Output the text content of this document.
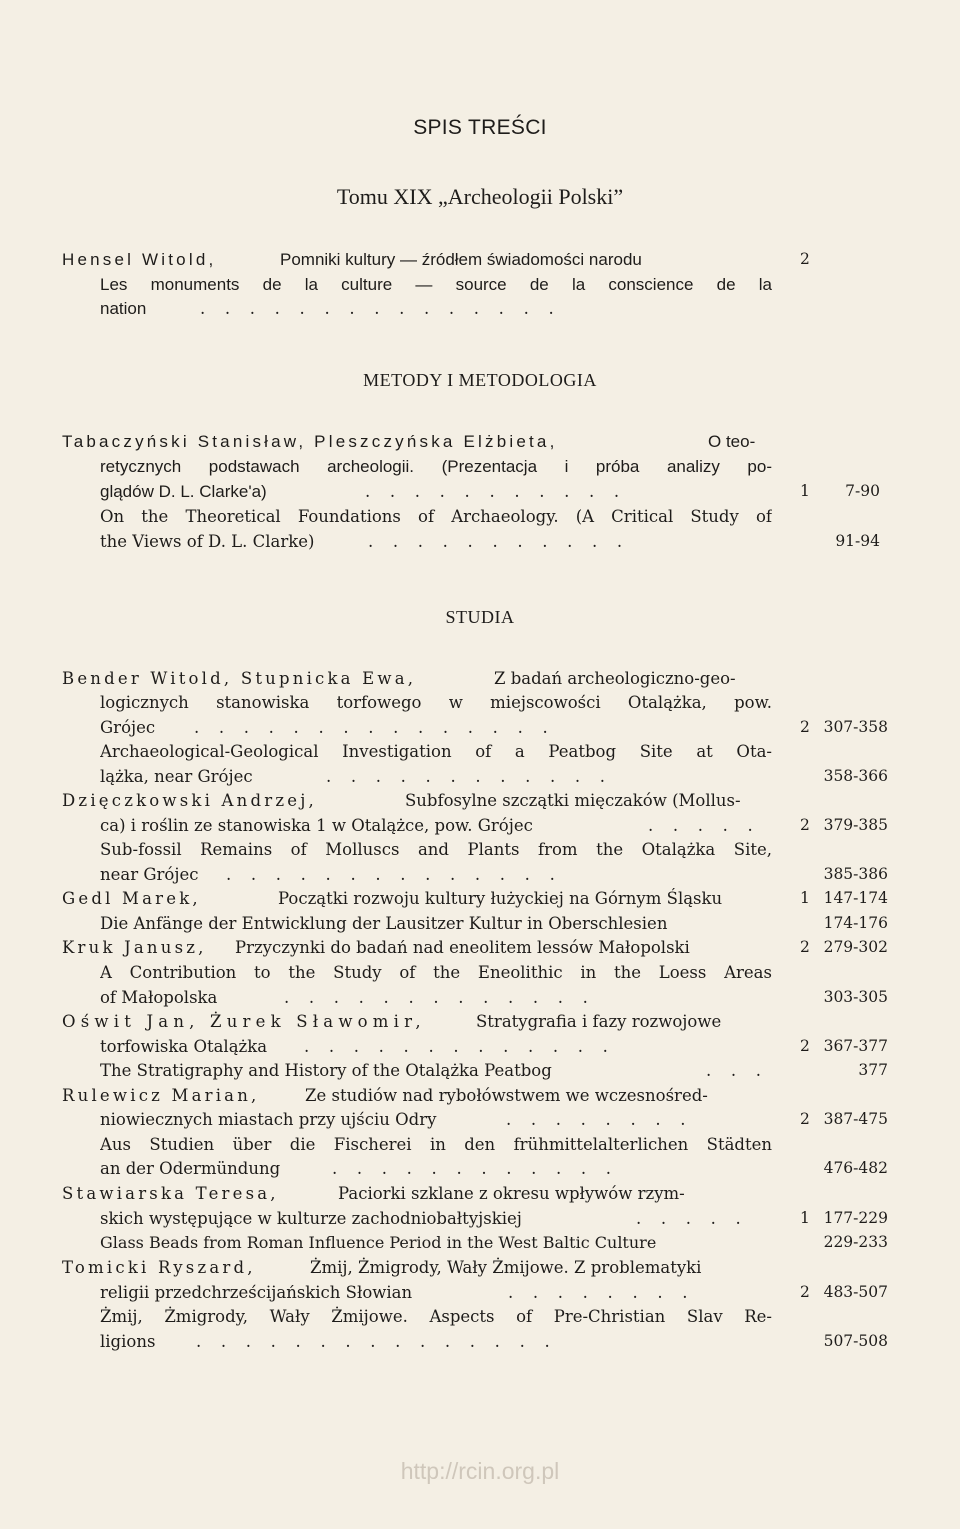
SPIS TREŚCI
Tomu XIX „Archeologii Polski”
Hensel Witold,	Pomniki kultury — źródłem świadomości narodu	2
Les monuments de la culture — source de la conscience de la
nation	. . . . . . . . . . . . . . .
METODY I METODOLOGIA
Tabaczyński Stanisław, Pleszczyńska Elżbieta,	O teo-
retycznych podstawach archeologii. (Prezentacja i próba analizy po-
glądów D. L. Clarke'a)	. . . . . . . . . . .	1	7-90
On the Theoretical Foundations of Archaeology. (A Critical Study of
the Views of D. L. Clarke)	. . . . . . . . . . .	91-94
STUDIA
Bender Witold, Stupnicka Ewa,	Z badań archeologiczno-geo-
logicznych stanowiska torfowego w miejscowości Otalążka, pow.
Grójec . . . . . . . . . . . . . . .	2 307-358
Archaeological-Geological Investigation of a Peatbog Site at Ota-
lążka, near Grójec	. . . . . . . . . . . .	358-366
Dzięczkowski Andrzej,	Subfosylne szczątki mięczaków (Mollus-
ca) i roślin ze stanowiska 1 w Otalążce, pow. Grójec	. . . . .	2 379-385
Sub-fossil Remains of Molluscs and Plants from the Otalążka Site,
near Grójec . . . . . . . . . . . . . .	385-386
Gedl Marek,	Początki rozwoju kultury łużyckiej na Górnym Śląsku	1 147-174
Die Anfänge der Entwicklung der Lausitzer Kultur in Oberschlesien	174-176
Kruk Janusz, Przyczynki do badań nad eneolitem lessów Małopolski	2 279-302
A Contribution to the Study of the Eneolithic in the Loess Areas
of Małopolska	. . . . . . . . . . . . .	303-305
Oświt Jan, Żurek Sławomir,	Stratygrafia i fazy rozwojowe
torfowiska Otalążka . . . . . . . . . . . . .	2 367-377
The Stratigraphy and History of the Otalążka Peatbog	. . .	377
Rulewicz Marian,	Ze studiów nad rybołówstwem we wczesnośred-
niowiecznych miastach przy ujściu Odry	. . . . . . . .	2 387-475
Aus Studien über die Fischerei in den frühmittelalterlichen Städten
an der Odermündung	. . . . . . . . . . . .	476-482
Stawiarska Teresa,	Paciorki szklane z okresu wpływów rzym-
skich występujące w kulturze zachodniobałtyjskiej	. . . . .	1 177-229
Glass Beads from Roman Influence Period in the West Baltic Culture	229-233
Tomicki Ryszard,	Żmij, Żmigrody, Wały Żmijowe. Z problematyki
religii przedchrześcijańskich Słowian	. . . . . . . .	2 483-507
Żmij, Żmigrody, Wały Żmijowe. Aspects of Pre-Christian Slav Re-
ligions . . . . . . . . . . . . . . .	507-508
http://rcin.org.pl
